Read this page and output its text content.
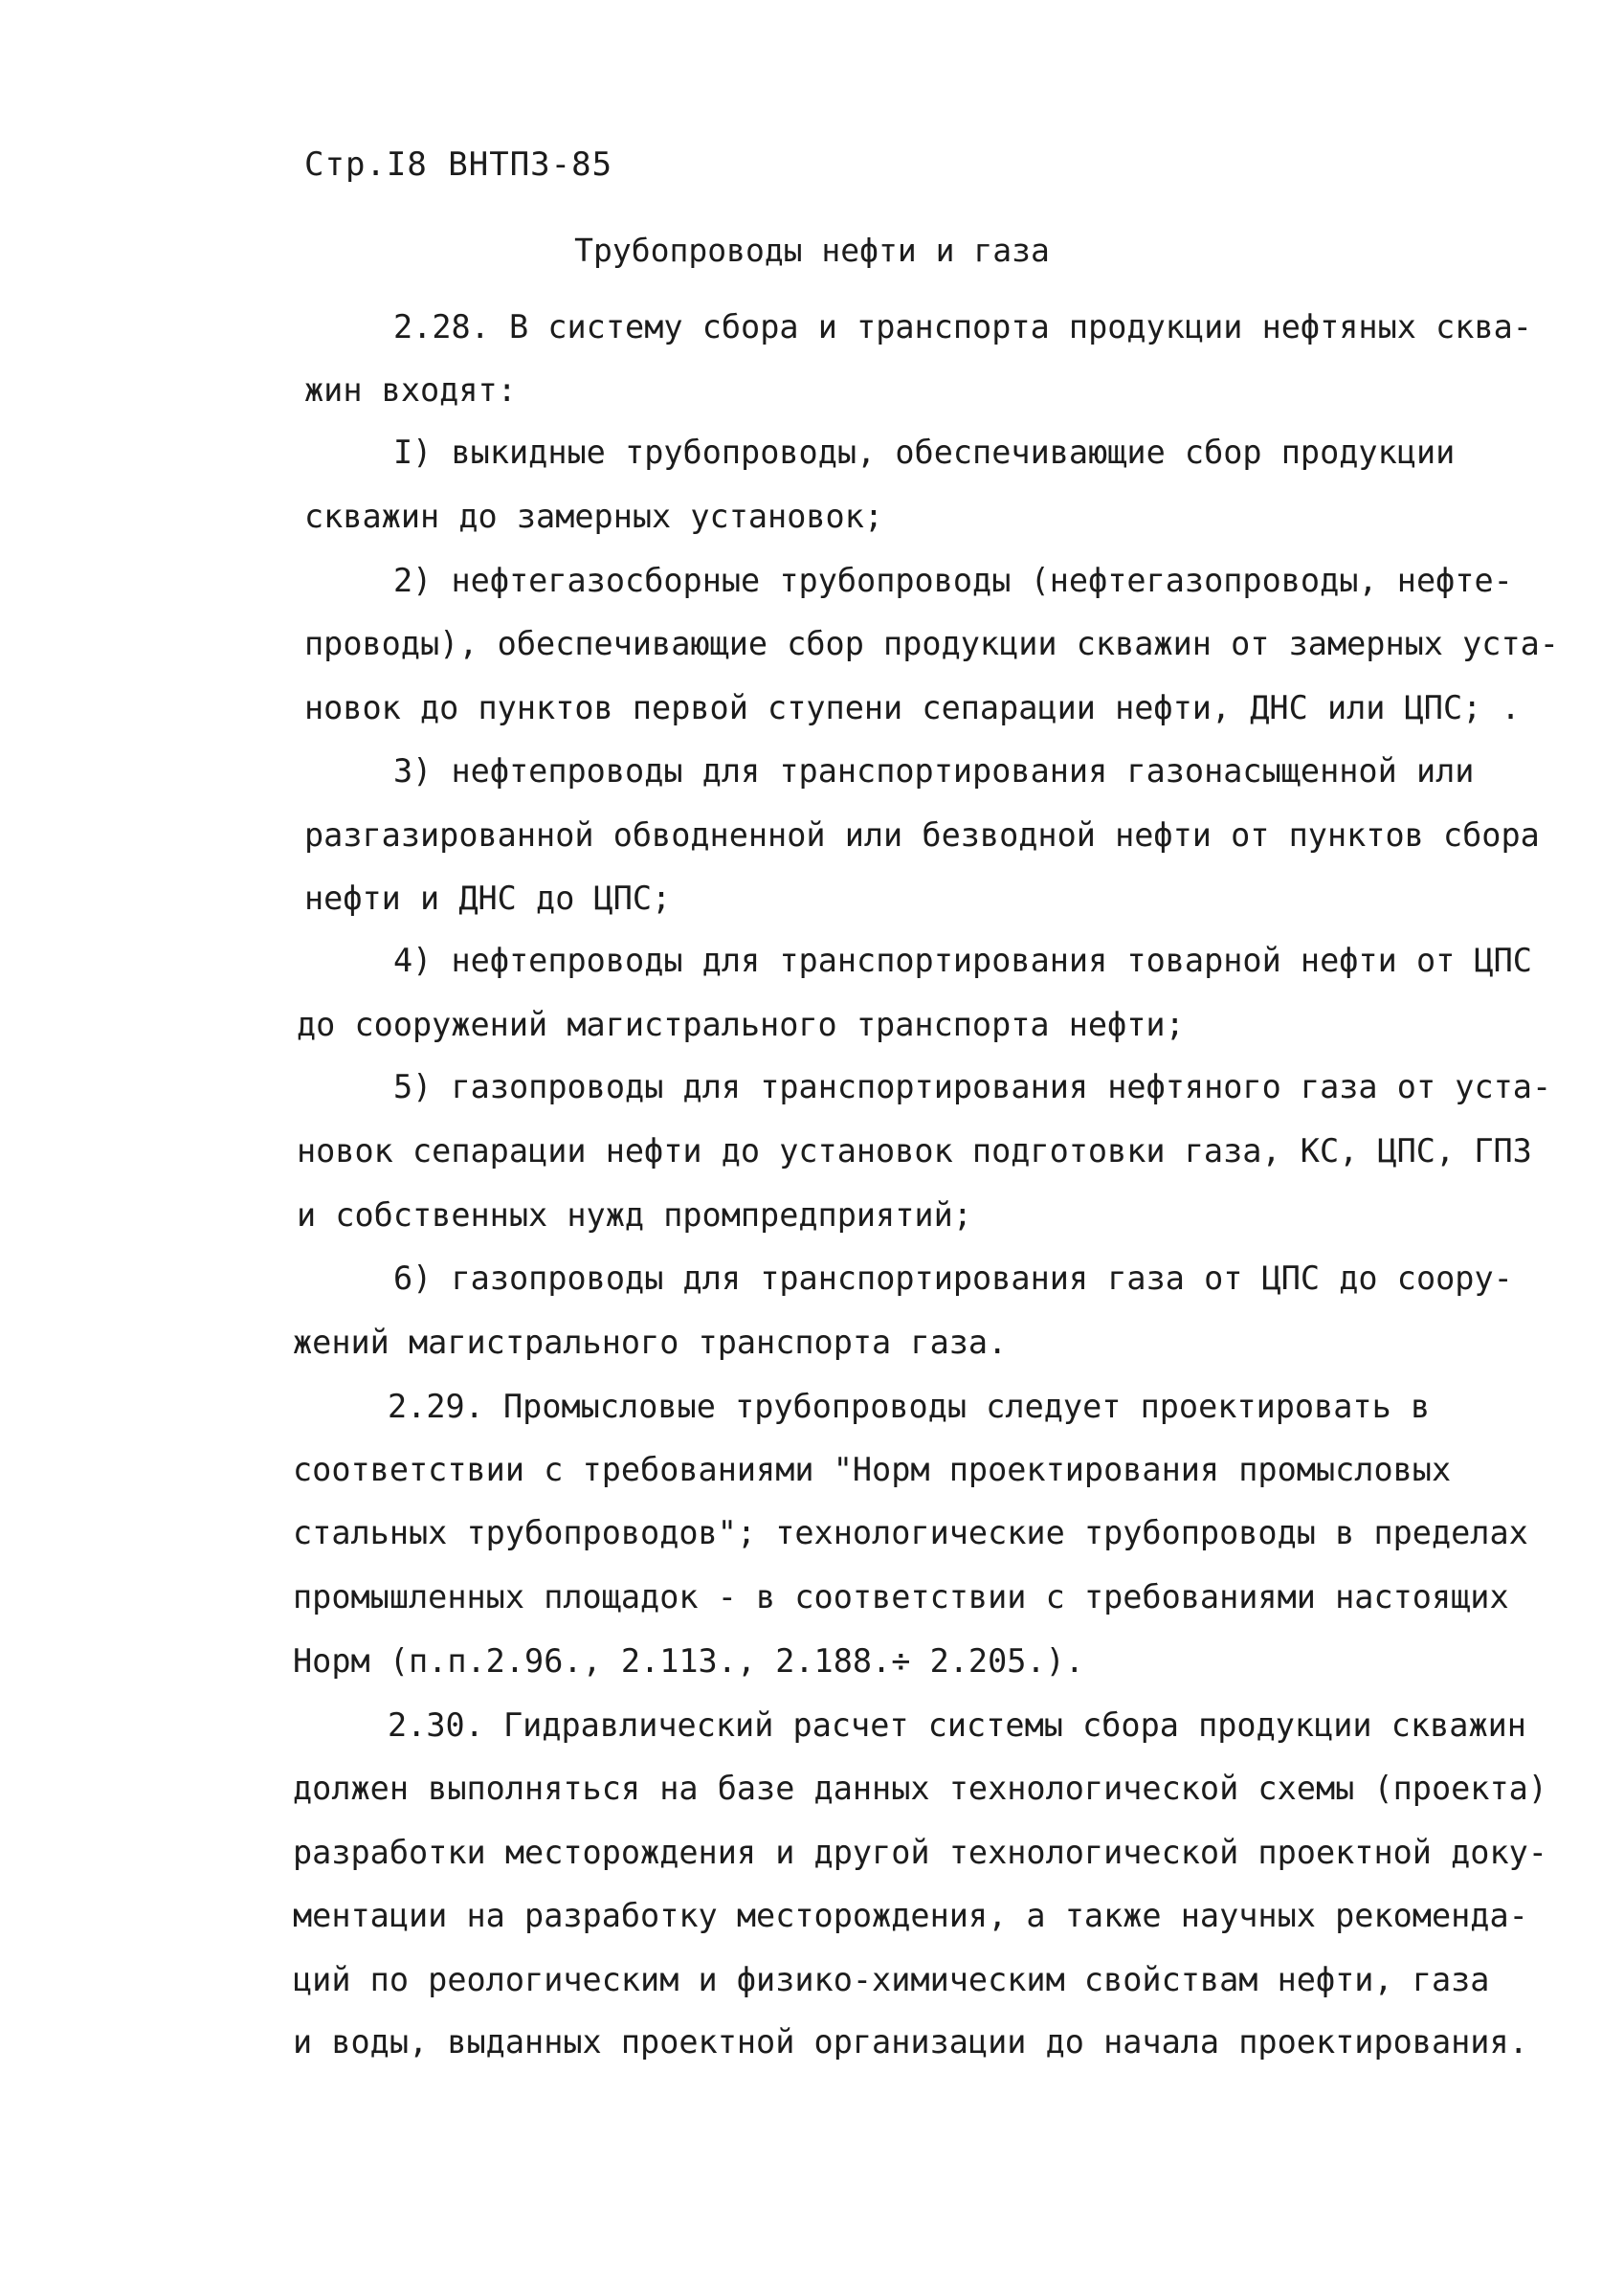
Стр.I8 ВНТП3-85
Трубопроводы нефти и газа
2.28. В систему сбора и транспорта продукции нефтяных сква-
жин входят:
I) выкидные трубопроводы, обеспечивающие сбор продукции
скважин до замерных установок;
2) нефтегазосборные трубопроводы (нефтегазопроводы, нефте-
проводы), обеспечивающие сбор продукции скважин от замерных уста-
новок до пунктов первой ступени сепарации нефти, ДНС или ЦПС; .
3) нефтепроводы для транспортирования газонасыщенной или
разгазированной обводненной или безводной нефти от пунктов сбора
нефти и ДНС до ЦПС;
4) нефтепроводы для транспортирования товарной нефти от ЦПС
до сооружений магистрального транспорта нефти;
5) газопроводы для транспортирования нефтяного газа от уста-
новок сепарации нефти до установок подготовки газа, КС, ЦПС, ГПЗ
и собственных нужд промпредприятий;
6) газопроводы для транспортирования газа от ЦПС до соору-
жений магистрального транспорта газа.
2.29. Промысловые трубопроводы следует проектировать в
соответствии с требованиями "Норм проектирования промысловых
стальных трубопроводов"; технологические трубопроводы в пределах
промышленных площадок - в соответствии с требованиями настоящих
Норм (п.п.2.96., 2.113., 2.188.÷ 2.205.).
2.30. Гидравлический расчет системы сбора продукции скважин
должен выполняться на базе данных технологической схемы (проекта)
разработки месторождения и другой технологической проектной доку-
ментации на разработку месторождения, а также научных рекоменда-
ций по реологическим и физико-химическим свойствам нефти, газа
и воды, выданных проектной организации до начала проектирования.
